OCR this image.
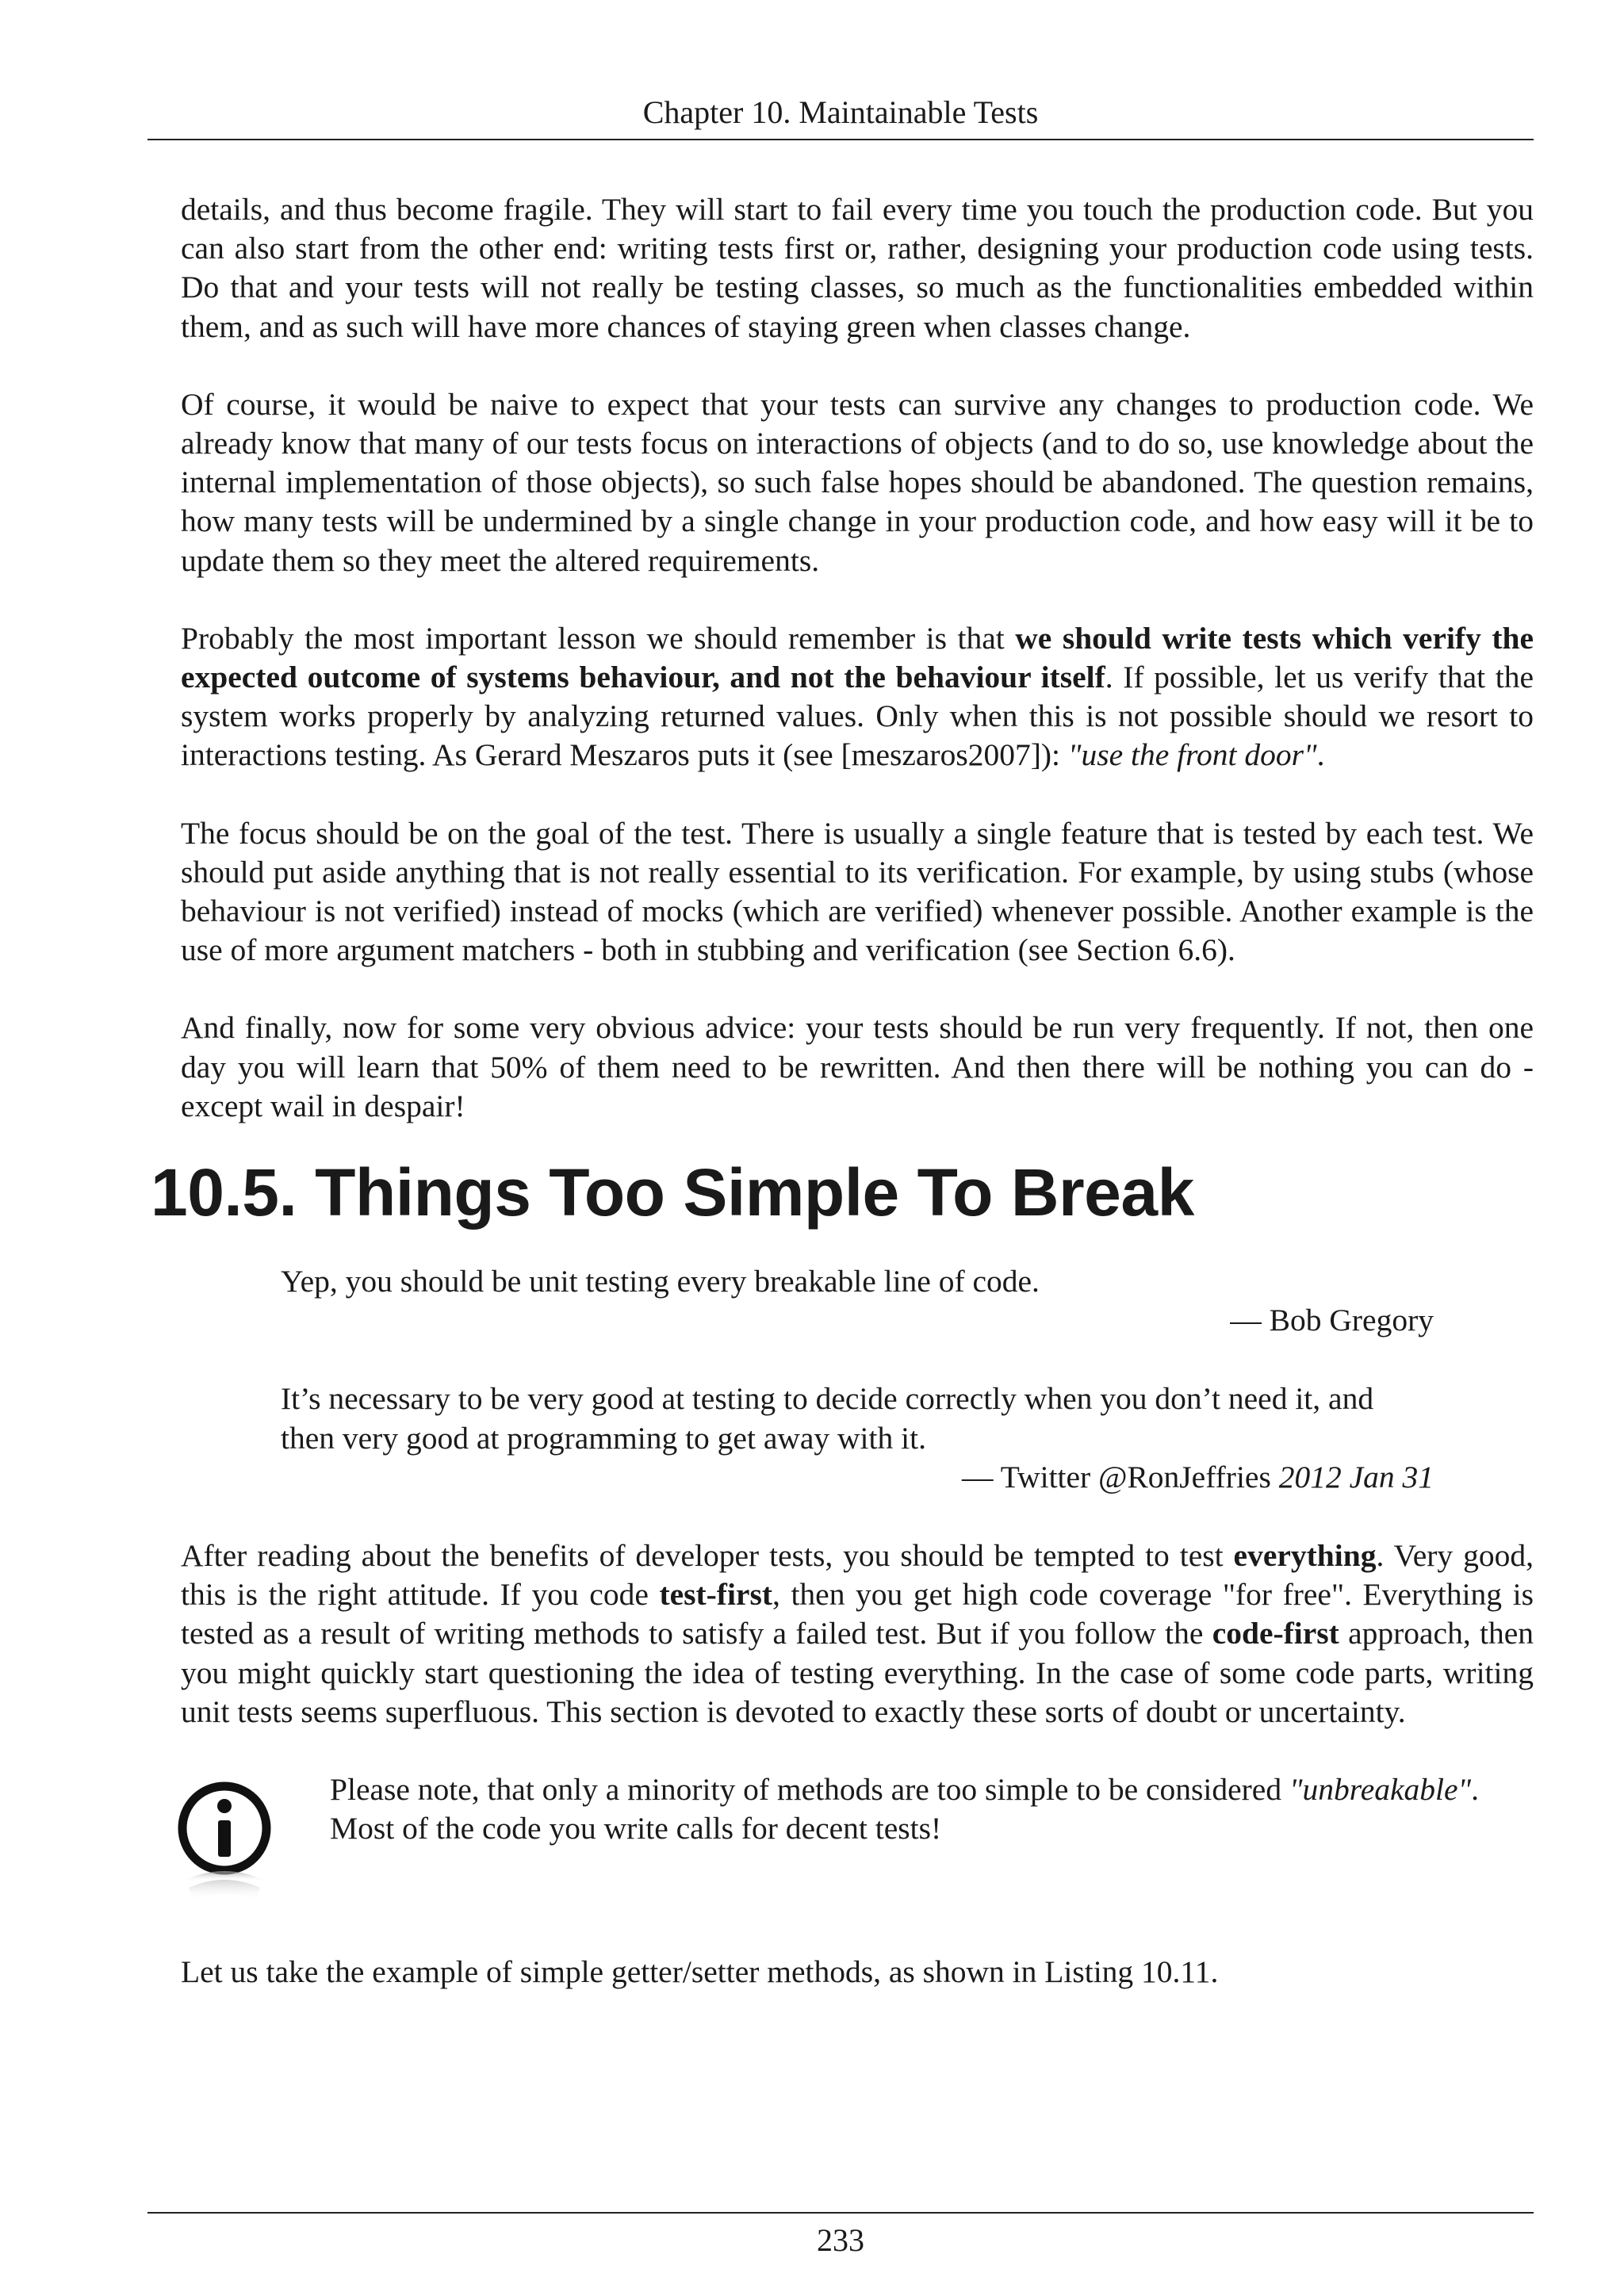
Chapter 10. Maintainable Tests

details, and thus become fragile. They will start to fail every time you touch the production code. But you can also start from the other end: writing tests first or, rather, designing your production code using tests. Do that and your tests will not really be testing classes, so much as the functionalities embedded within them, and as such will have more chances of staying green when classes change.

Of course, it would be naive to expect that your tests can survive any changes to production code. We already know that many of our tests focus on interactions of objects (and to do so, use knowledge about the internal implementation of those objects), so such false hopes should be abandoned. The question remains, how many tests will be undermined by a single change in your production code, and how easy will it be to update them so they meet the altered requirements.

Probably the most important lesson we should remember is that we should write tests which verify the expected outcome of systems behaviour, and not the behaviour itself. If possible, let us verify that the system works properly by analyzing returned values. Only when this is not possible should we resort to interactions testing. As Gerard Meszaros puts it (see [meszaros2007]): "use the front door".

The focus should be on the goal of the test. There is usually a single feature that is tested by each test. We should put aside anything that is not really essential to its verification. For example, by using stubs (whose behaviour is not verified) instead of mocks (which are verified) whenever possible. Another example is the use of more argument matchers - both in stubbing and verification (see Section 6.6).

And finally, now for some very obvious advice: your tests should be run very frequently. If not, then one day you will learn that 50% of them need to be rewritten. And then there will be nothing you can do - except wail in despair!

10.5. Things Too Simple To Break
Yep, you should be unit testing every breakable line of code.
— Bob Gregory
It’s necessary to be very good at testing to decide correctly when you don’t need it, and then very good at programming to get away with it.
— Twitter @RonJeffries 2012 Jan 31

After reading about the benefits of developer tests, you should be tempted to test everything. Very good, this is the right attitude. If you code test-first, then you get high code coverage "for free". Everything is tested as a result of writing methods to satisfy a failed test. But if you follow the code-first approach, then you might quickly start questioning the idea of testing everything. In the case of some code parts, writing unit tests seems superfluous. This section is devoted to exactly these sorts of doubt or uncertainty.

Please note, that only a minority of methods are too simple to be considered "unbreakable". Most of the code you write calls for decent tests!

Let us take the example of simple getter/setter methods, as shown in Listing 10.11.

233
